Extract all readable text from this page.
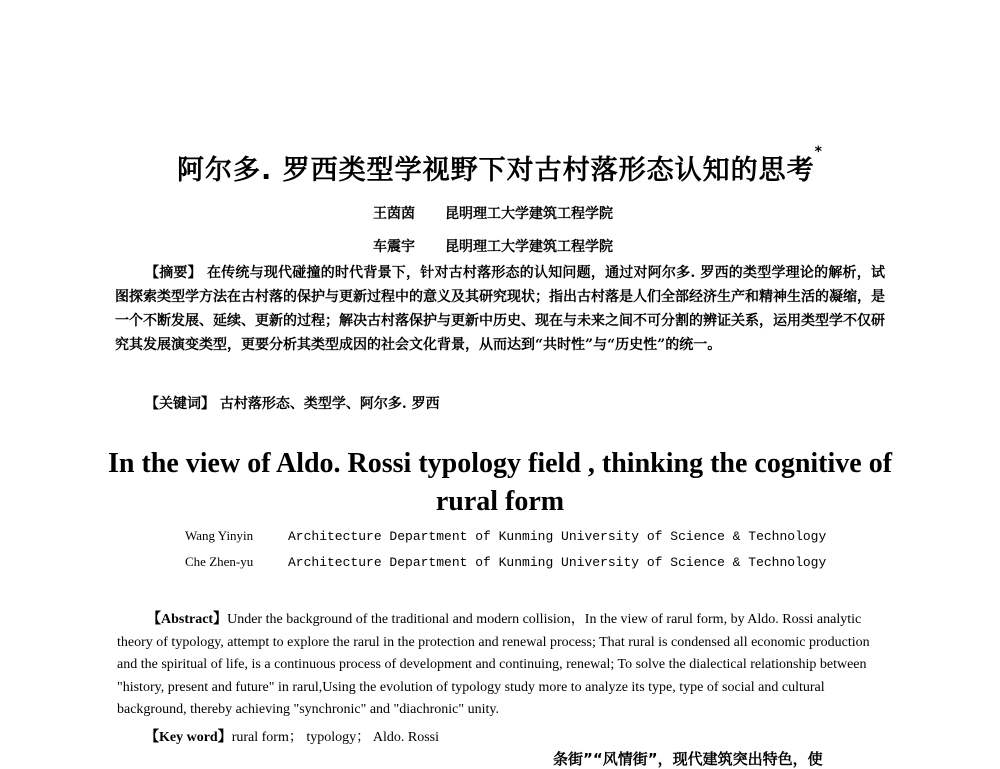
阿尔多. 罗西类型学视野下对古村落形态认知的思考*
王茵茵 昆明理工大学建筑工程学院
车震宇 昆明理工大学建筑工程学院
【摘要】 在传统与现代碰撞的时代背景下，针对古村落形态的认知问题，通过对阿尔多. 罗西的类型学理论的解析，试图探索类型学方法在古村落的保护与更新过程中的意义及其研究现状；指出古村落是人们全部经济生产和精神生活的凝缩，是一个不断发展、延续、更新的过程；解决古村落保护与更新中历史、现在与未来之间不可分割的辨证关系，运用类型学不仅研究其发展演变类型，更要分析其类型成因的社会文化背景，从而达到“共时性”与“历史性”的统一。
【关键词】 古村落形态、类型学、阿尔多. 罗西
In the view of Aldo. Rossi typology field , thinking the cognitive of rural form
Wang Yinyin	Architecture Department of Kunming University of Science & Technology
Che Zhen-yu	Architecture Department of Kunming University of Science & Technology
【Abstract】Under the background of the traditional and modern collision，In the view of rarul form, by Aldo. Rossi analytic theory of typology, attempt to explore the rarul in the protection and renewal process; That rural is condensed all economic production and the spiritual of life, is a continuous process of development and continuing, renewal; To solve the dialectical relationship between "history, present and future" in rarul,Using the evolution of typology study more to analyze its type, type of social and cultural background, thereby achieving "synchronic" and "diachronic" unity.
【Key word】rural form； typology； Aldo. Rossi
条街”“风情街”，现代建筑突出特色，使
